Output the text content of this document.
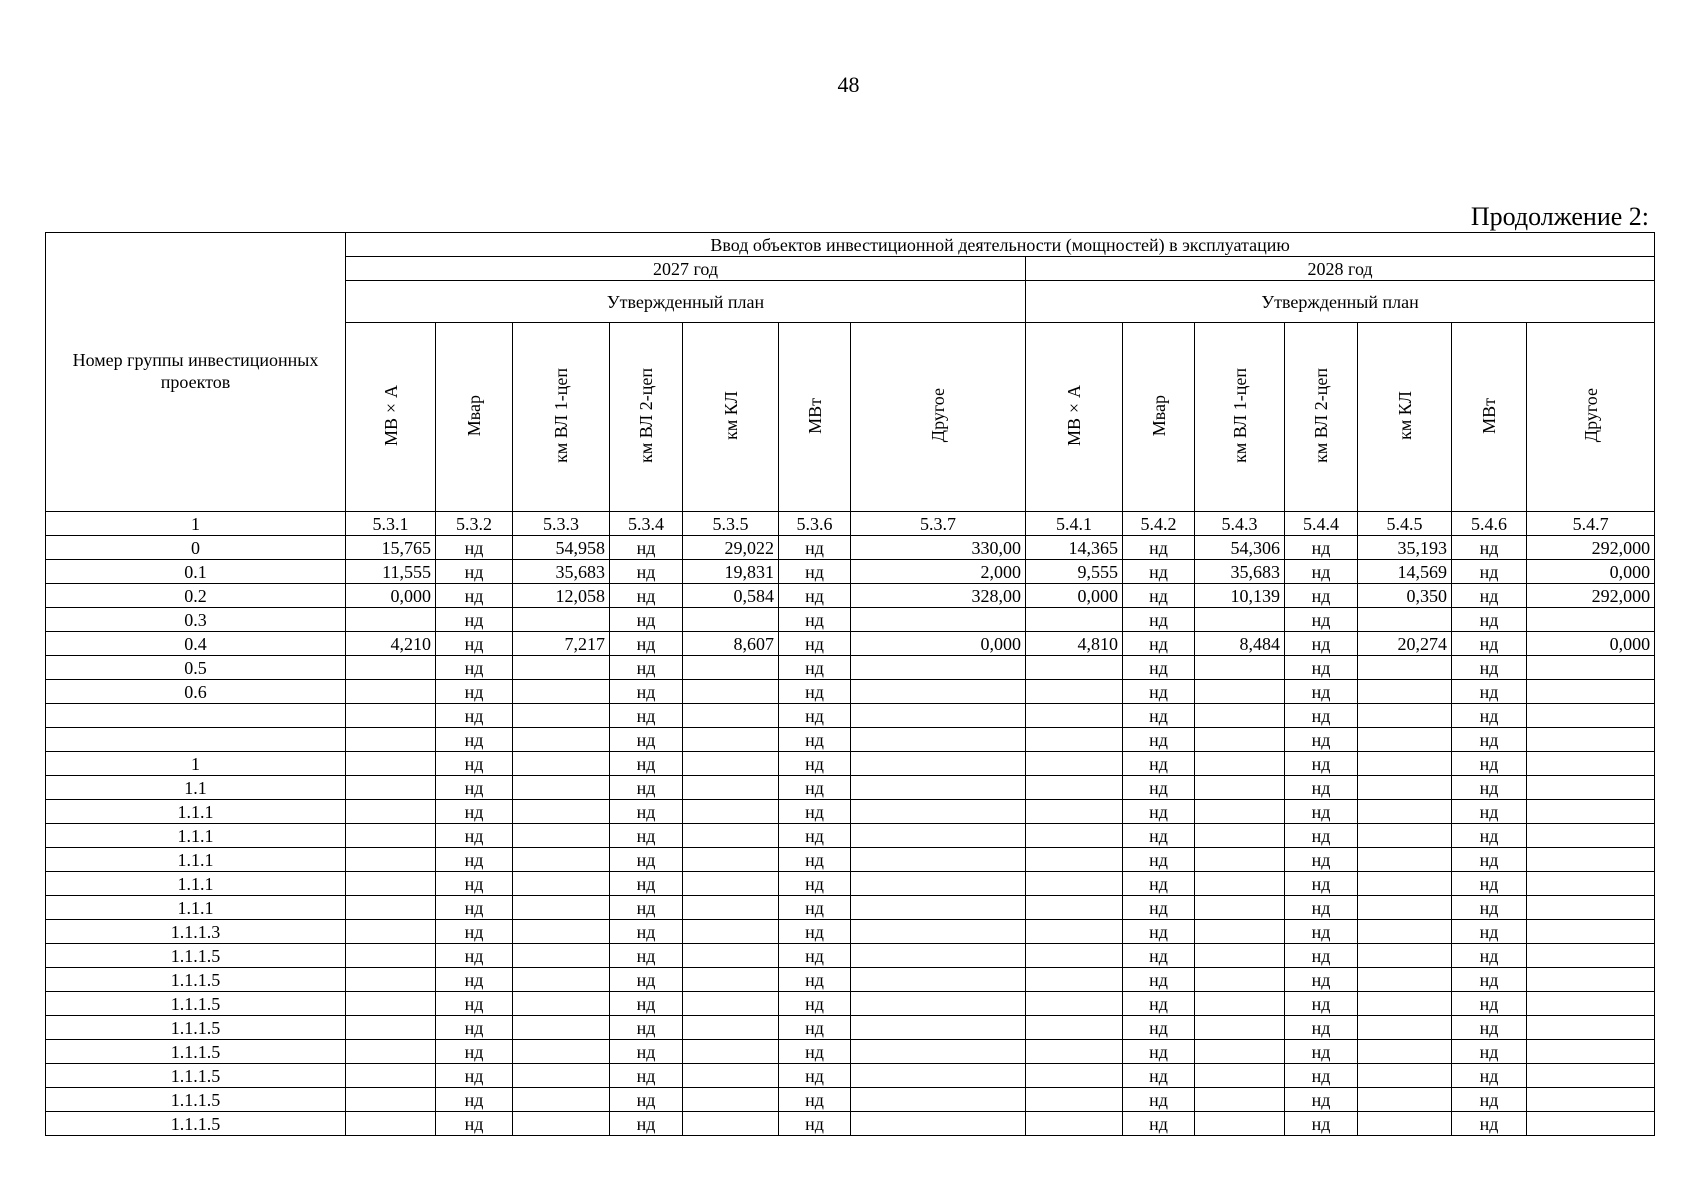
48
Продолжение 2:
Номер группы инвестиционных проектов	Ввод объектов инвестиционной деятельности (мощностей) в эксплуатацию													
	2027 год							2028 год						
	Утвержденный план							Утвержденный план						
	МВ×А	Мвар	км ВЛ 1-цеп	км ВЛ 2-цеп	км КЛ	МВт	Другое	МВ×А	Мвар	км ВЛ 1-цеп	км ВЛ 2-цеп	км КЛ	МВт	Другое
1	5.3.1	5.3.2	5.3.3	5.3.4	5.3.5	5.3.6	5.3.7	5.4.1	5.4.2	5.4.3	5.4.4	5.4.5	5.4.6	5.4.7
0	15,765	нд	54,958	нд	29,022	нд	330,00	14,365	нд	54,306	нд	35,193	нд	292,000
0.1	11,555	нд	35,683	нд	19,831	нд	2,000	9,555	нд	35,683	нд	14,569	нд	0,000
0.2	0,000	нд	12,058	нд	0,584	нд	328,00	0,000	нд	10,139	нд	0,350	нд	292,000
0.3		нд		нд		нд			нд		нд		нд	
0.4	4,210	нд	7,217	нд	8,607	нд	0,000	4,810	нд	8,484	нд	20,274	нд	0,000
0.5		нд		нд		нд			нд		нд		нд	
0.6		нд		нд		нд			нд		нд		нд	
		нд		нд		нд			нд		нд		нд	
		нд		нд		нд			нд		нд		нд	
1		нд		нд		нд			нд		нд		нд	
1.1		нд		нд		нд			нд		нд		нд	
1.1.1		нд		нд		нд			нд		нд		нд	
1.1.1		нд		нд		нд			нд		нд		нд	
1.1.1		нд		нд		нд			нд		нд		нд	
1.1.1		нд		нд		нд			нд		нд		нд	
1.1.1		нд		нд		нд			нд		нд		нд	
1.1.1.3		нд		нд		нд			нд		нд		нд	
1.1.1.5		нд		нд		нд			нд		нд		нд	
1.1.1.5		нд		нд		нд			нд		нд		нд	
1.1.1.5		нд		нд		нд			нд		нд		нд	
1.1.1.5		нд		нд		нд			нд		нд		нд	
1.1.1.5		нд		нд		нд			нд		нд		нд	
1.1.1.5		нд		нд		нд			нд		нд		нд	
1.1.1.5		нд		нд		нд			нд		нд		нд	
1.1.1.5		нд		нд		нд			нд		нд		нд	
